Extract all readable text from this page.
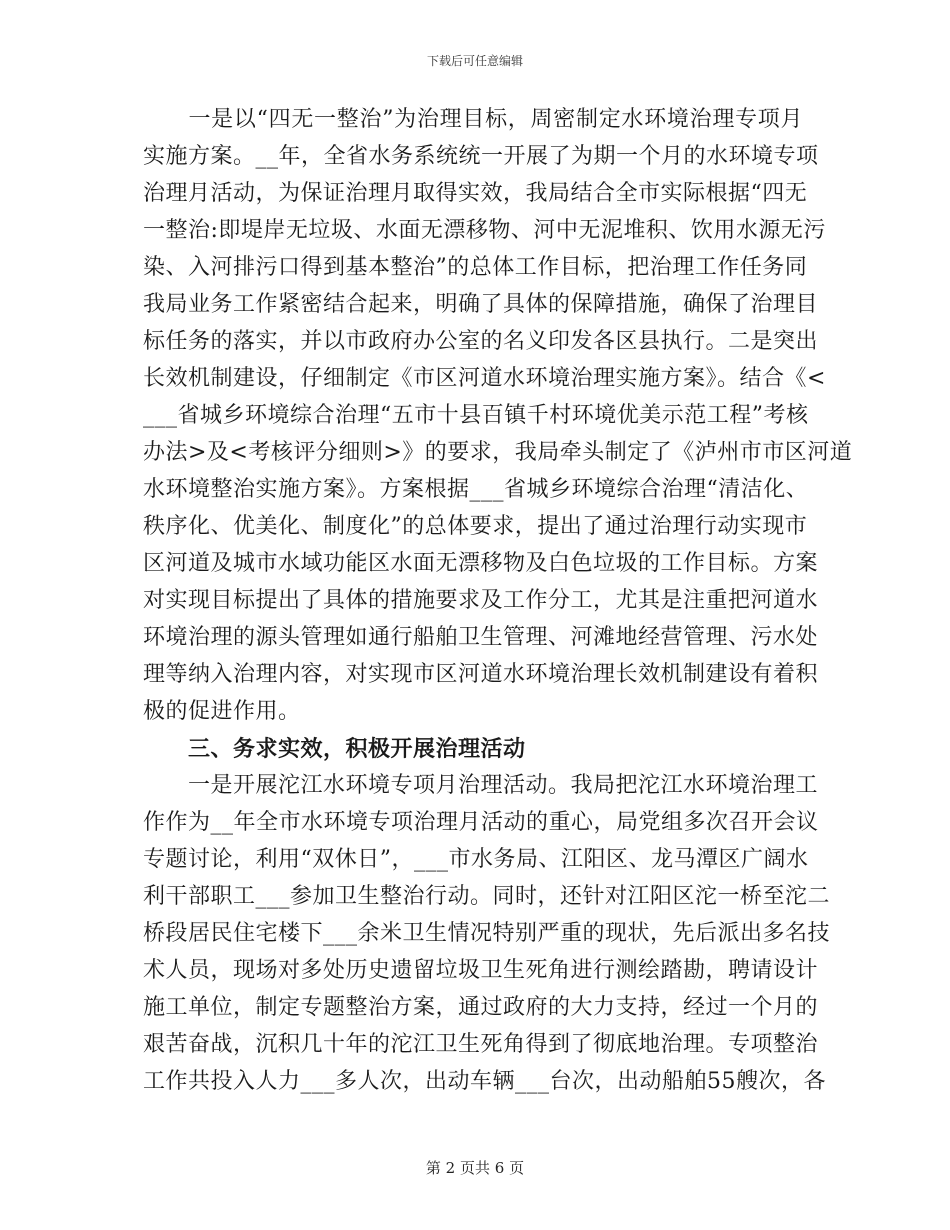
下载后可任意编辑
　　一是以“四无一整治”为治理目标，周密制定水环境治理专项月
实施方案。__年，全省水务系统统一开展了为期一个月的水环境专项
治理月活动，为保证治理月取得实效，我局结合全市实际根据“四无
一整治:即堤岸无垃圾、水面无漂移物、河中无泥堆积、饮用水源无污
染、入河排污口得到基本整治”的总体工作目标，把治理工作任务同
我局业务工作紧密结合起来，明确了具体的保障措施，确保了治理目
标任务的落实，并以市政府办公室的名义印发各区县执行。二是突出
长效机制建设，仔细制定《市区河道水环境治理实施方案》。结合《<
___省城乡环境综合治理“五市十县百镇千村环境优美示范工程”考核
办法>及<考核评分细则>》的要求，我局牵头制定了《泸州市市区河道
水环境整治实施方案》。方案根据___省城乡环境综合治理“清洁化、
秩序化、优美化、制度化”的总体要求，提出了通过治理行动实现市
区河道及城市水域功能区水面无漂移物及白色垃圾的工作目标。方案
对实现目标提出了具体的措施要求及工作分工，尤其是注重把河道水
环境治理的源头管理如通行船舶卫生管理、河滩地经营管理、污水处
理等纳入治理内容，对实现市区河道水环境治理长效机制建设有着积
极的促进作用。
　　三、务求实效，积极开展治理活动
　　一是开展沱江水环境专项月治理活动。我局把沱江水环境治理工
作作为__年全市水环境专项治理月活动的重心，局党组多次召开会议
专题讨论，利用“双休日”，___市水务局、江阳区、龙马潭区广阔水
利干部职工___参加卫生整治行动。同时，还针对江阳区沱一桥至沱二
桥段居民住宅楼下___余米卫生情况特别严重的现状，先后派出多名技
术人员，现场对多处历史遗留垃圾卫生死角进行测绘踏勘，聘请设计
施工单位，制定专题整治方案，通过政府的大力支持，经过一个月的
艰苦奋战，沉积几十年的沱江卫生死角得到了彻底地治理。专项整治
工作共投入人力___多人次，出动车辆___台次，出动船舶55艘次，各
第 2 页共 6 页
